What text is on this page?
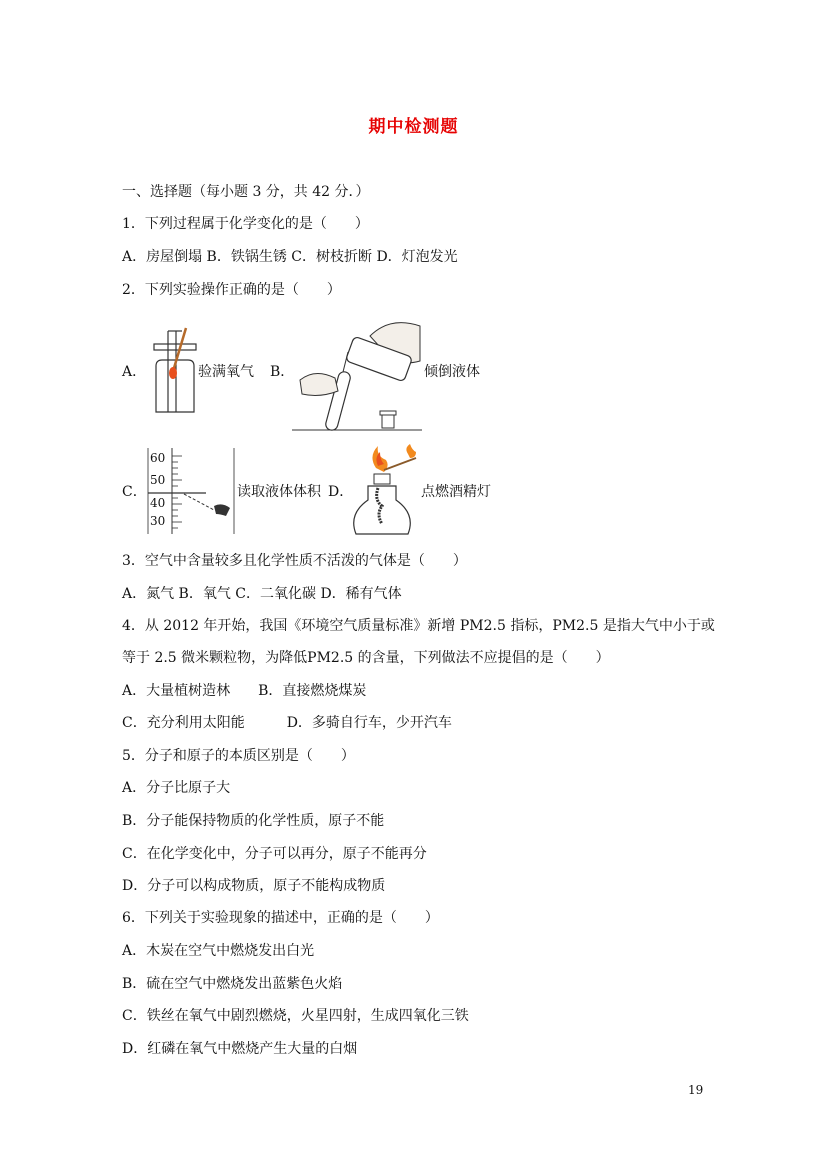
期中检测题
一、选择题（每小题 3 分，共 42 分．）
1．下列过程属于化学变化的是（　　）
A．房屋倒塌 B．铁锅生锈 C．树枝折断 D．灯泡发光
2．下列实验操作正确的是（　　）
A．	验满氧气 B．	倾倒液体
C．
60
50
40
30
读取液体体积 D．	点燃酒精灯
3．空气中含量较多且化学性质不活泼的气体是（　　）
A．氮气 B．氧气 C．二氧化碳 D．稀有气体
4．从 2012 年开始，我国《环境空气质量标准》新增 PM2.5 指标，PM2.5 是指大气中小于或
等于 2.5 微米颗粒物，为降低PM2.5 的含量，下列做法不应提倡的是（　　）
A．大量植树造林　　B．直接燃烧煤炭
C．充分利用太阳能　　　D．多骑自行车，少开汽车
5．分子和原子的本质区别是（　　）
A．分子比原子大
B．分子能保持物质的化学性质，原子不能
C．在化学变化中，分子可以再分，原子不能再分
D．分子可以构成物质，原子不能构成物质
6．下列关于实验现象的描述中，正确的是（　　）
A．木炭在空气中燃烧发出白光
B．硫在空气中燃烧发出蓝紫色火焰
C．铁丝在氧气中剧烈燃烧，火星四射，生成四氧化三铁
D．红磷在氧气中燃烧产生大量的白烟
19
